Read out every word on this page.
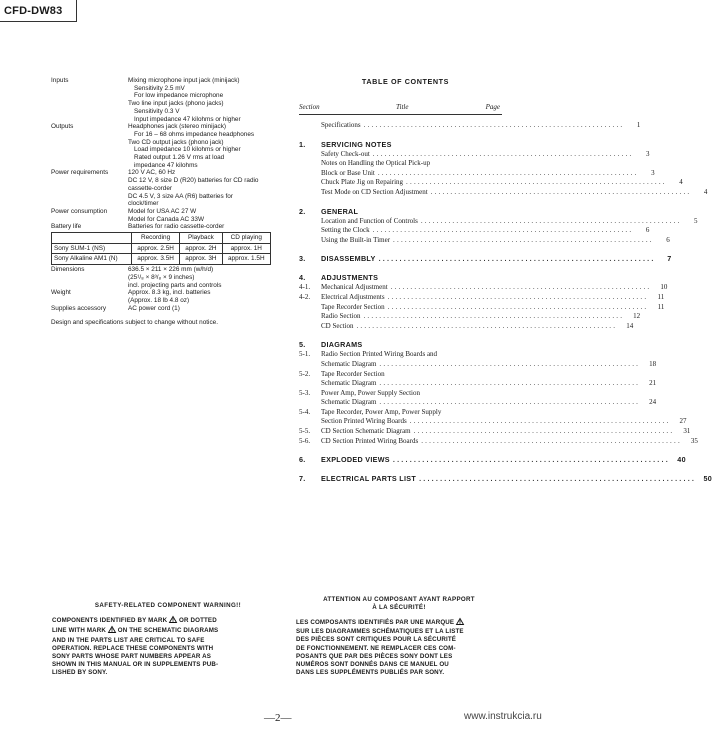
CFD-DW83
Inputs	Mixing microphone input jack (minijack)
Sensitivity 2.5 mV
For low impedance microphone
Two line input jacks (phono jacks)
Sensitivity 0.3 V
Input impedance 47 kilohms or higher
Outputs	Headphones jack (stereo minijack)
For 16 – 68 ohms impedance headphones
Two CD output jacks (phono jack)
Load impedance 10 kilohms or higher
Rated output 1.26 V rms at load
impedance 47 kilohms
Power requirements	120 V AC, 60 Hz
DC 12 V, 8 size D (R20) batteries for CD radio
cassette-corder
DC 4.5 V, 3 size AA (R6) batteries for
clock/timer
Power consumption	Model for USA AC 27 W
Model for Canada AC 33W
Battery life	Batteries for radio cassette-corder
	Recording	Playback	CD playing
Sony SUM-1 (NS)	approx. 2.5H	approx. 2H	approx. 1H
Sony Alkaline AM1 (N)	approx. 3.5H	approx. 3H	approx. 1.5H
Dimensions	636.5 × 211 × 226 mm (w/h/d)
(25¹/₈ × 8³/₈ × 9 inches)
incl. projecting parts and controls
Weight	Approx. 8.3 kg, incl. batteries
(Approx. 18 lb 4.8 oz)
Supplies accessory	AC power cord (1)
Design and specifications subject to change without notice.
TABLE OF CONTENTS
Section	Title	Page
Specifications ..................................................................	1
1.	SERVICING NOTES
Safety Check-out ..................................................................	3
Notes on Handling the Optical Pick-up
Block or Base Unit ..................................................................	3
Chuck Plate Jig on Repairing ..................................................................	4
Test Mode on CD Section Adjustment ..................................................................	4
2.	GENERAL
Location and Function of Controls ..................................................................	5
Setting the Clock ..................................................................	6
Using the Built-in Timer ..................................................................	6
3.	DISASSEMBLY ..................................................................	7
4.	ADJUSTMENTS
4-1.	Mechanical Adjustment ..................................................................	10
4-2.	Electrical Adjustments ..................................................................	11
Tape Recorder Section ..................................................................	11
Radio Section ..................................................................	12
CD Section ..................................................................	14
5.	DIAGRAMS
5-1.	Radio Section Printed Wiring Boards and
Schematic Diagram ..................................................................	18
5-2.	Tape Recorder Section
Schematic Diagram ..................................................................	21
5-3.	Power Amp, Power Supply Section
Schematic Diagram ..................................................................	24
5-4.	Tape Recorder, Power Amp, Power Supply
Section Printed Wiring Boards ..................................................................	27
5-5.	CD Section Schematic Diagram ..................................................................	31
5-6.	CD Section Printed Wiring Boards ..................................................................	35
6.	EXPLODED VIEWS ..................................................................	40
7.	ELECTRICAL PARTS LIST ..................................................................	50
SAFETY-RELATED COMPONENT WARNING!!
COMPONENTS IDENTIFIED BY MARK OR DOTTED
LINE WITH MARK ON THE SCHEMATIC DIAGRAMS
AND IN THE PARTS LIST ARE CRITICAL TO SAFE
OPERATION. REPLACE THESE COMPONENTS WITH
SONY PARTS WHOSE PART NUMBERS APPEAR AS
SHOWN IN THIS MANUAL OR IN SUPPLEMENTS PUB-
LISHED BY SONY.
ATTENTION AU COMPOSANT AYANT RAPPORT
À LA SÉCURITÉ!
LES COMPOSANTS IDENTIFIÉS PAR UNE MARQUE
SUR LES DIAGRAMMES SCHÉMATIQUES ET LA LISTE
DES PIÈCES SONT CRITIQUES POUR LA SÉCURITÉ
DE FONCTIONNEMENT. NE REMPLACER CES COM-
POSANTS QUE PAR DES PIÈCES SONY DONT LES
NUMÉROS SONT DONNÉS DANS CE MANUEL OU
DANS LES SUPPLÉMENTS PUBLIÉS PAR SONY.
—2—	www.instrukcia.ru
